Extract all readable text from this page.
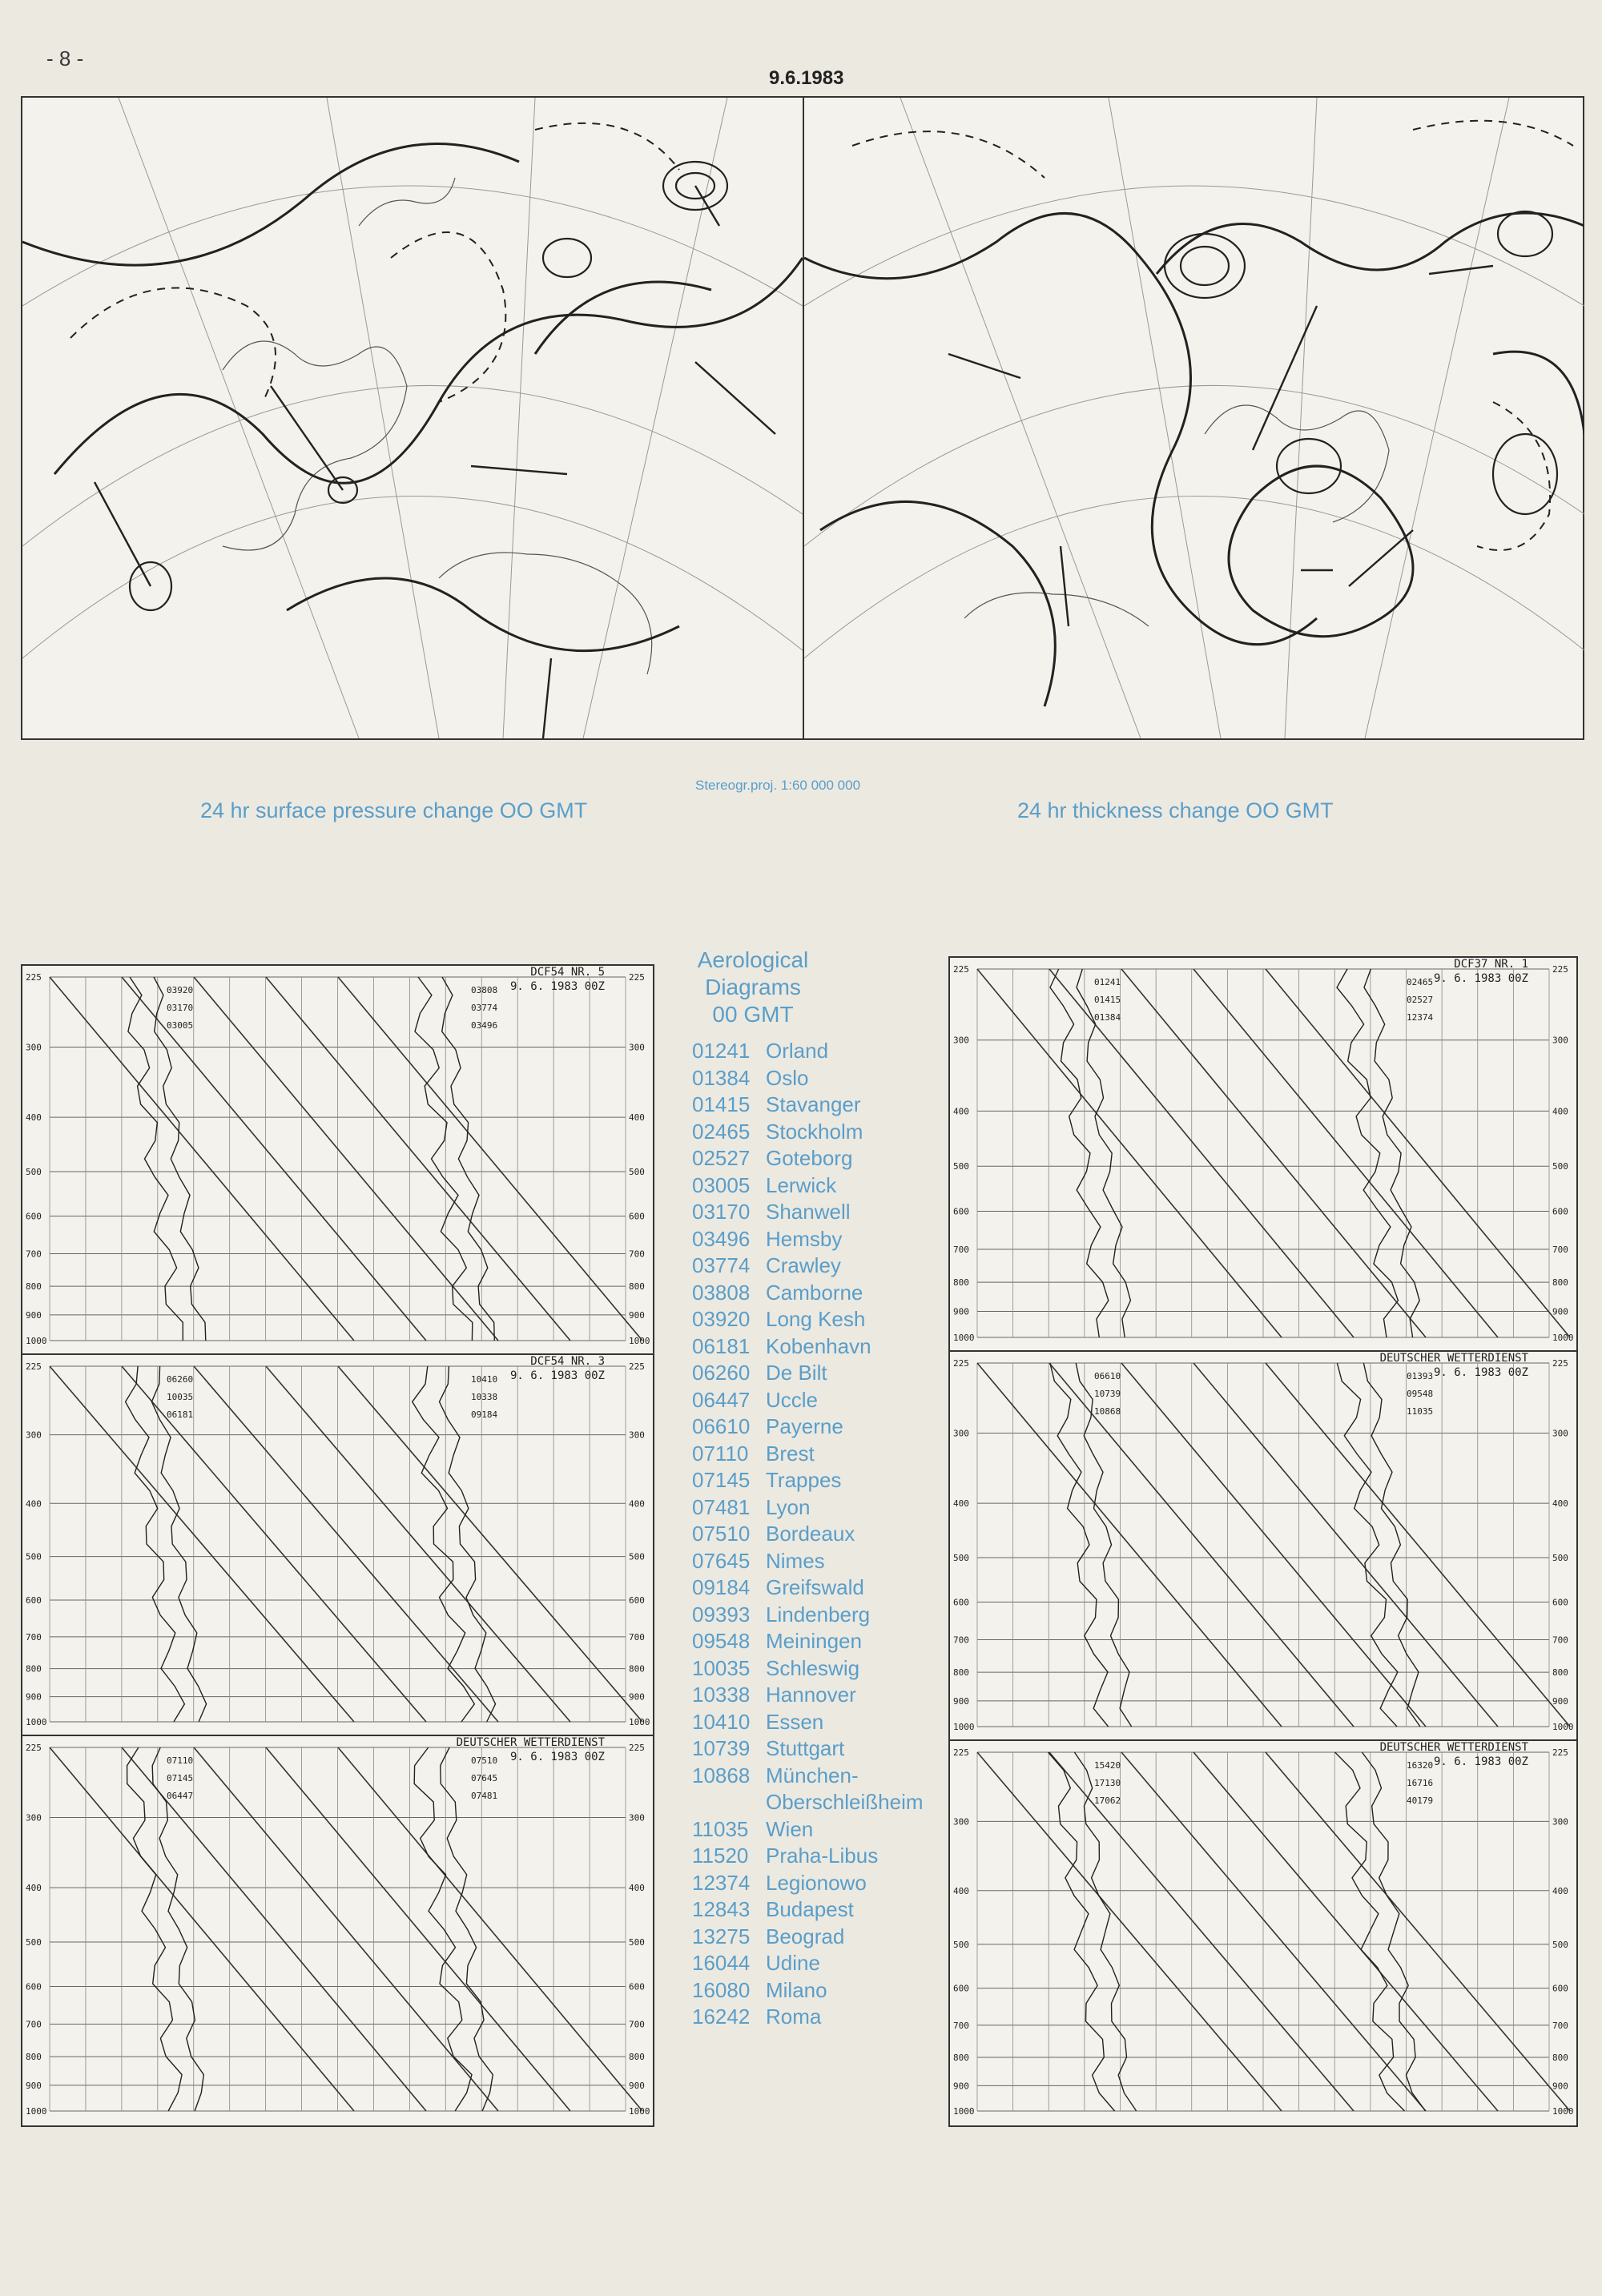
- 8 -
9.6.1983
24 hr surface pressure change OO GMT
Stereogr.proj. 1:60 000 000
24 hr thickness change OO GMT
Aerological
Diagrams
00 GMT
01241 Orland
01384 Oslo
01415 Stavanger
02465 Stockholm
02527 Goteborg
03005 Lerwick
03170 Shanwell
03496 Hemsby
03774 Crawley
03808 Camborne
03920 Long Kesh
06181 Kobenhavn
06260 De Bilt
06447 Uccle
06610 Payerne
07110 Brest
07145 Trappes
07481 Lyon
07510 Bordeaux
07645 Nimes
09184 Greifswald
09393 Lindenberg
09548 Meiningen
10035 Schleswig
10338 Hannover
10410 Essen
10739 Stuttgart
10868 München-
Oberschleißheim
11035 Wien
11520 Praha-Libus
12374 Legionowo
12843 Budapest
13275 Beograd
16044 Udine
16080 Milano
16242 Roma
225	225
300	300
400	400
500	500
600	600
700	700
800	800
900	900
1000	1000
DCF54 NR. 5
9. 6. 1983 00Z
03920
03170
03005
03808
03774
03496
225	225
300	300
400	400
500	500
600	600
700	700
800	800
900	900
1000	1000
DCF54 NR. 3
9. 6. 1983 00Z
06260
10035
06181
10410
10338
09184
225	225
300	300
400	400
500	500
600	600
700	700
800	800
900	900
1000	1000
DEUTSCHER WETTERDIENST
9. 6. 1983 00Z
07110
07145
06447
07510
07645
07481
225	225
300	300
400	400
500	500
600	600
700	700
800	800
900	900
1000	1000
DCF37 NR. 1
9. 6. 1983 00Z
01241
01415
01384
02465
02527
12374
225	225
300	300
400	400
500	500
600	600
700	700
800	800
900	900
1000	1000
DEUTSCHER WETTERDIENST
9. 6. 1983 00Z
06610
10739
10868
01393
09548
11035
225	225
300	300
400	400
500	500
600	600
700	700
800	800
900	900
1000	1000
DEUTSCHER WETTERDIENST
9. 6. 1983 00Z
15420
17130
17062
16320
16716
40179
